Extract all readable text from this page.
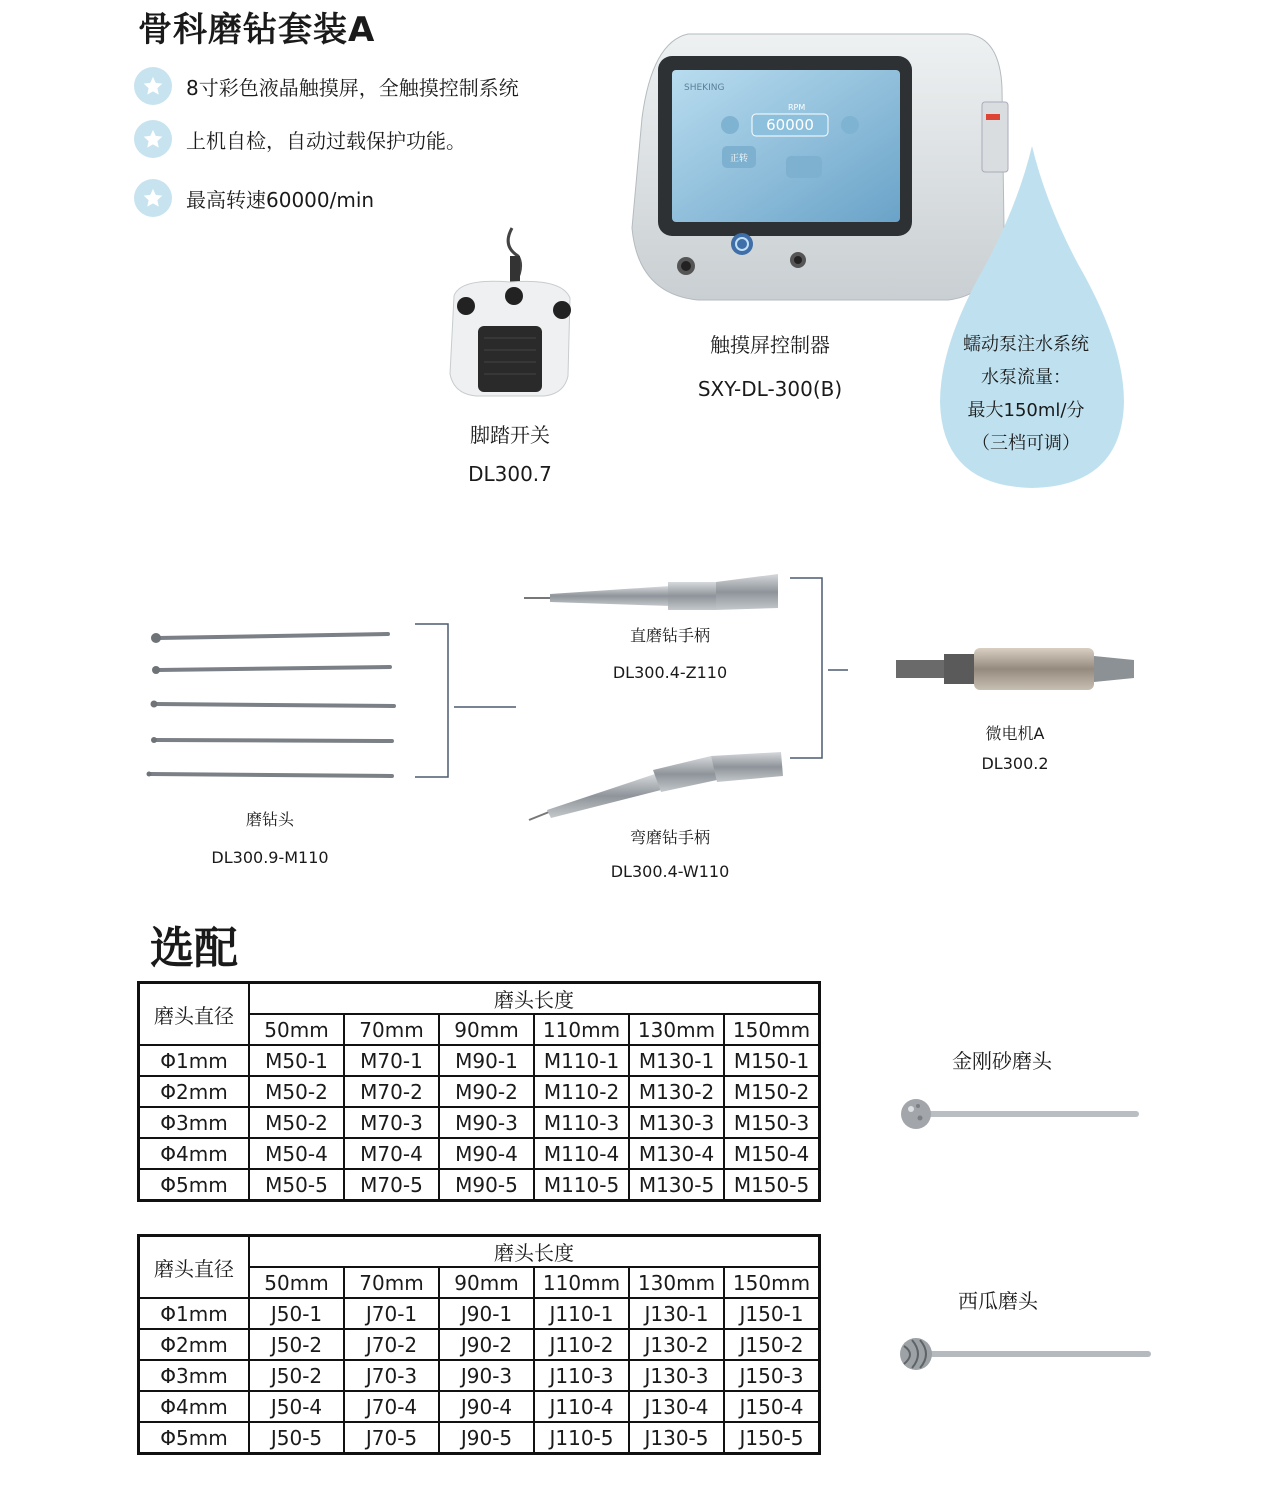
骨科磨钻套装A
8寸彩色液晶触摸屏，全触摸控制系统
上机自检，自动过载保护功能。
最高转速60000/min
SHEKING
RPM
60000
正转
脚踏开关
DL300.7
触摸屏控制器
SXY-DL-300(B)
蠕动泵注水系统
水泵流量：
最大150ml/分
（三档可调）
磨钻头
DL300.9-M110
直磨钻手柄
DL300.4-Z110
弯磨钻手柄
DL300.4-W110
微电机A
DL300.2
选配
磨头直径	磨头长度					
	50mm	70mm	90mm	110mm	130mm	150mm
Φ1mm	M50-1	M70-1	M90-1	M110-1	M130-1	M150-1
Φ2mm	M50-2	M70-2	M90-2	M110-2	M130-2	M150-2
Φ3mm	M50-2	M70-3	M90-3	M110-3	M130-3	M150-3
Φ4mm	M50-4	M70-4	M90-4	M110-4	M130-4	M150-4
Φ5mm	M50-5	M70-5	M90-5	M110-5	M130-5	M150-5
磨头直径	磨头长度					
	50mm	70mm	90mm	110mm	130mm	150mm
Φ1mm	J50-1	J70-1	J90-1	J110-1	J130-1	J150-1
Φ2mm	J50-2	J70-2	J90-2	J110-2	J130-2	J150-2
Φ3mm	J50-2	J70-3	J90-3	J110-3	J130-3	J150-3
Φ4mm	J50-4	J70-4	J90-4	J110-4	J130-4	J150-4
Φ5mm	J50-5	J70-5	J90-5	J110-5	J130-5	J150-5
金刚砂磨头
西瓜磨头
